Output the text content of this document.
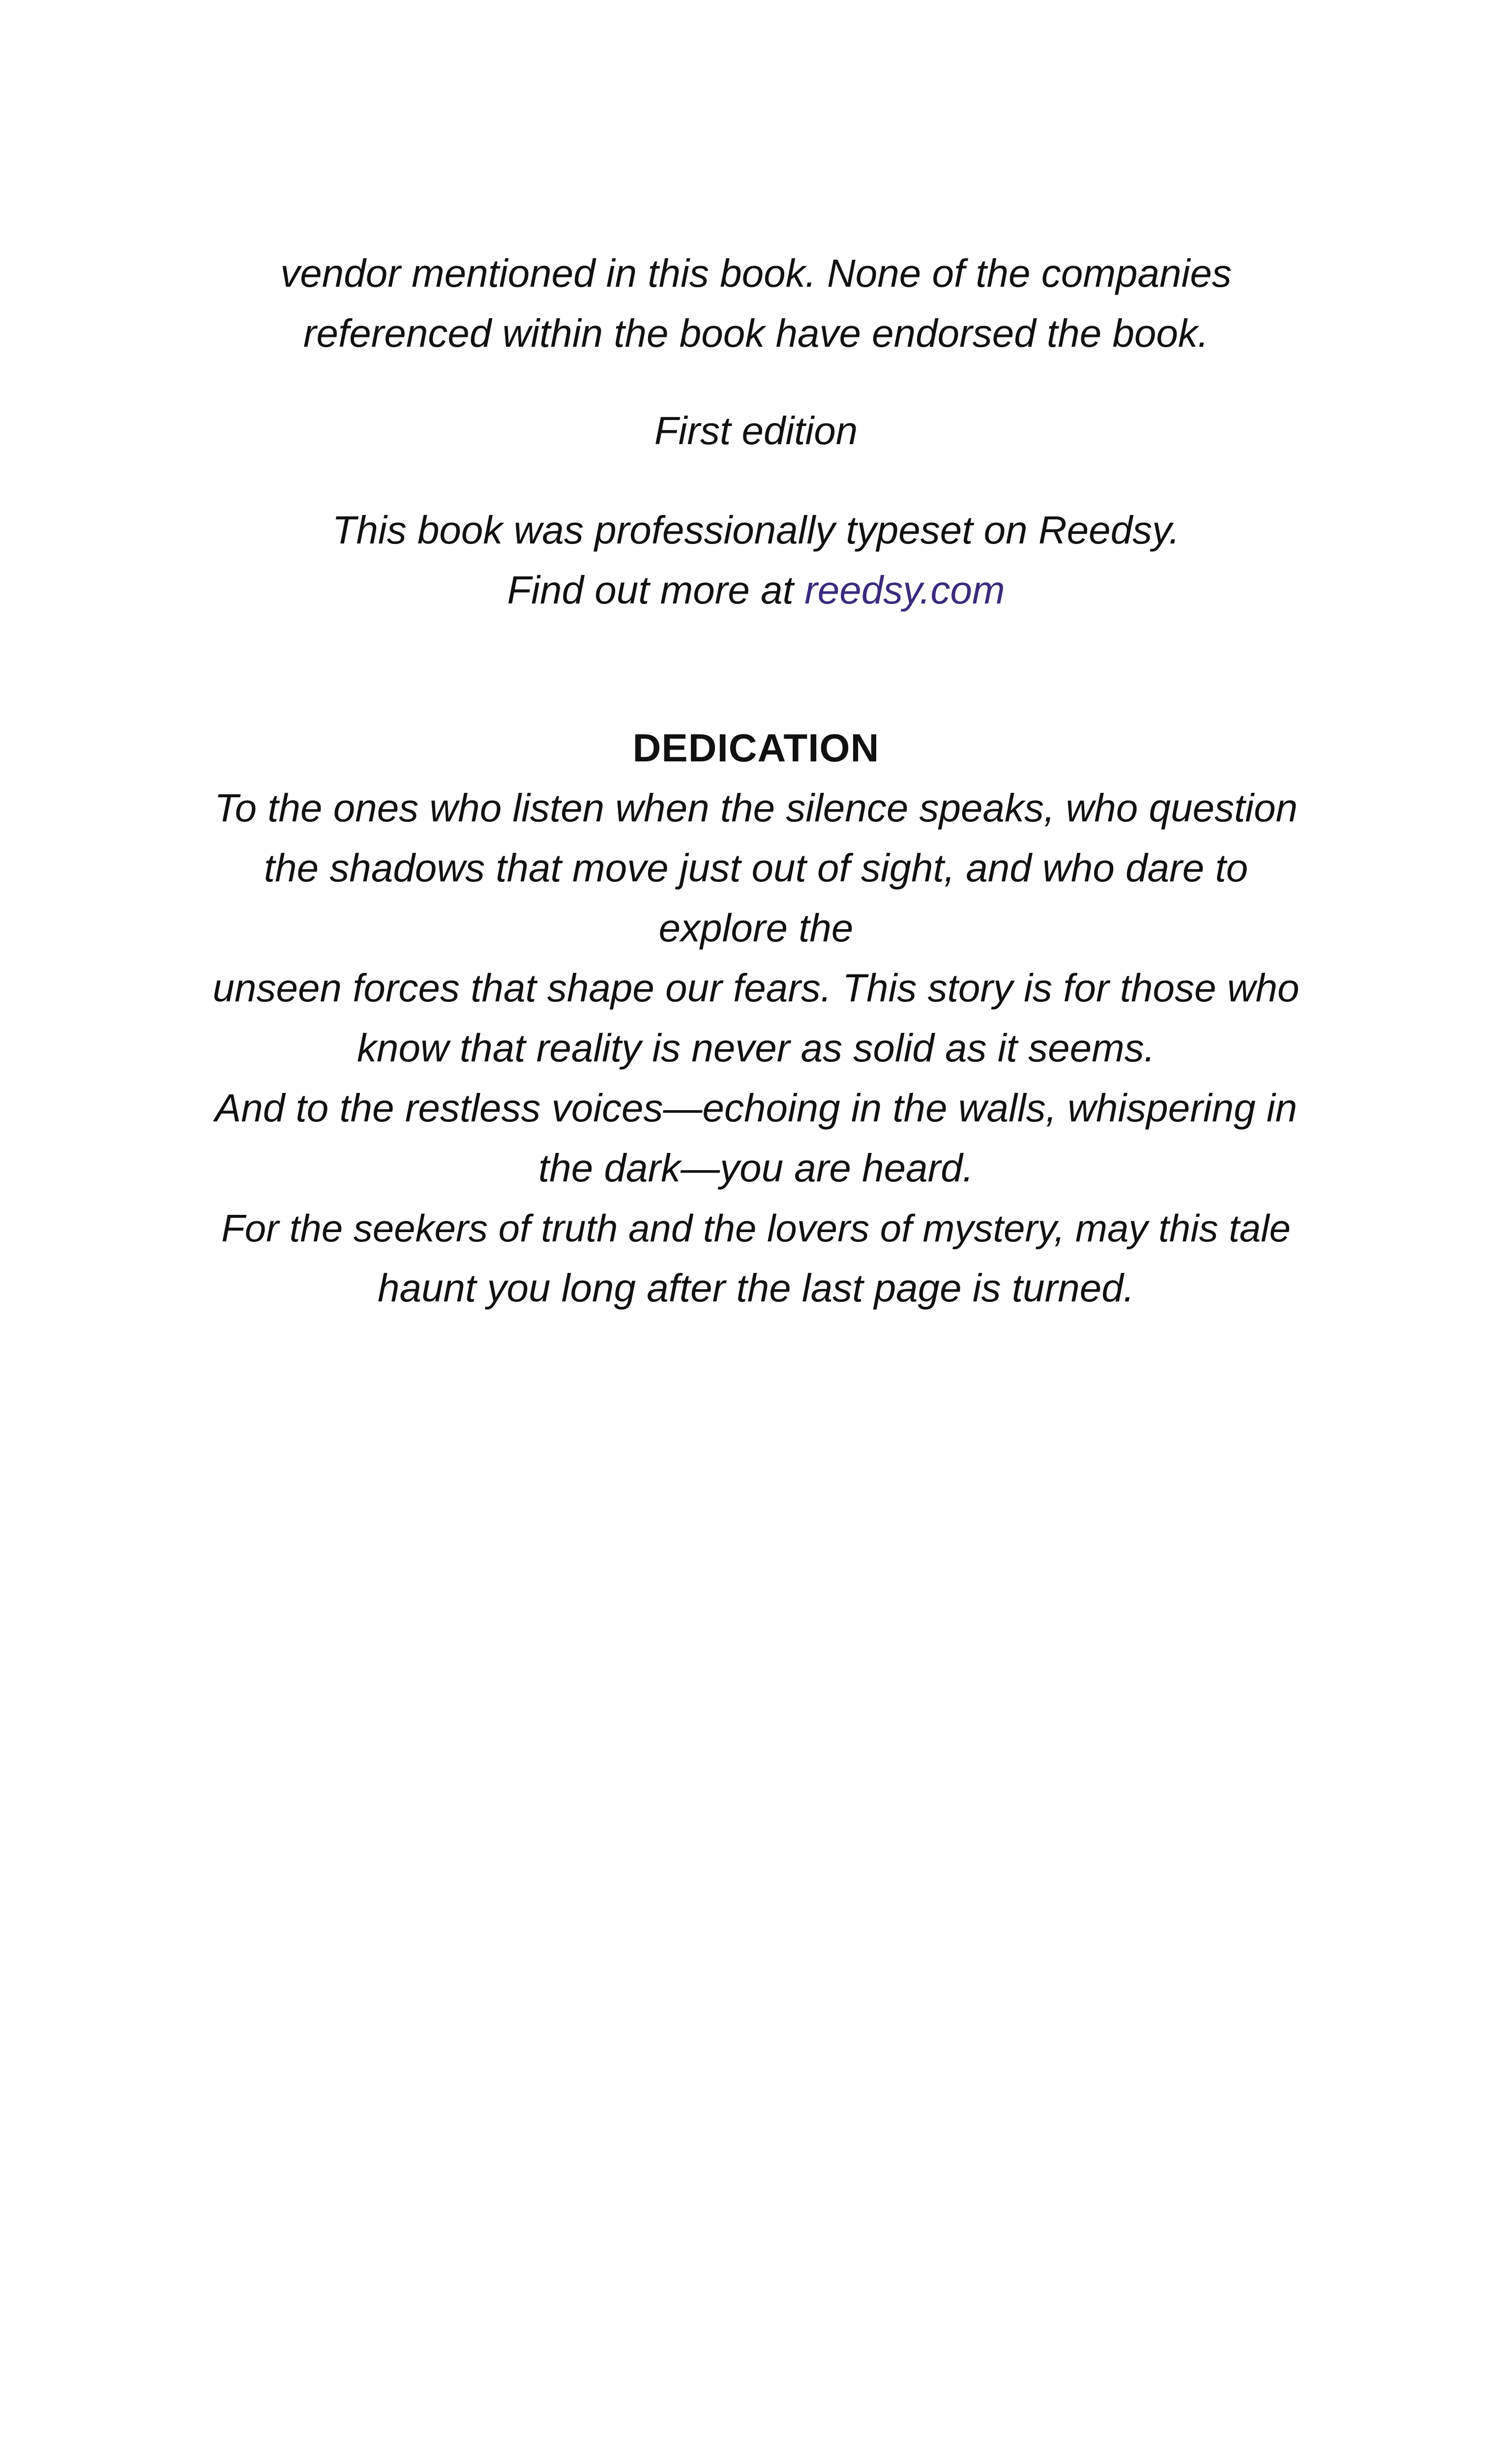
vendor mentioned in this book. None of the companies
referenced within the book have endorsed the book.
First edition
This book was professionally typeset on Reedsy.
Find out more at reedsy.com
DEDICATION
To the ones who listen when the silence speaks, who question
the shadows that move just out of sight, and who dare to
explore the
unseen forces that shape our fears. This story is for those who
know that reality is never as solid as it seems.
And to the restless voices—echoing in the walls, whispering in
the dark—you are heard.
For the seekers of truth and the lovers of mystery, may this tale
haunt you long after the last page is turned.
